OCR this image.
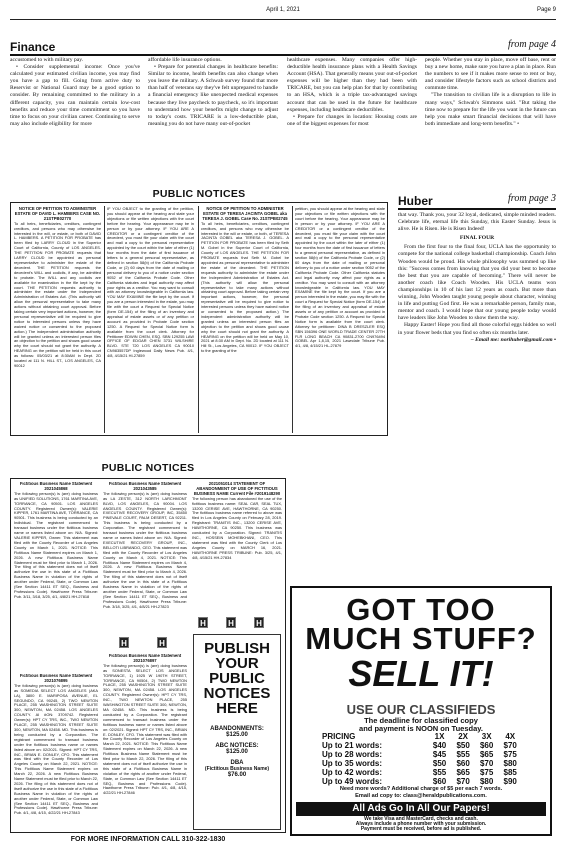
April 1, 2021	Page 9
Finance	from page 4

accustomed to with military pay.

• Consider supplemental income: Once you've calculated your estimated civilian income, you may find you have a gap to fill. Going from active duty to Reservist or National Guard may be a good option to consider. By remaining committed to the military in a different capacity, you can maintain certain low-cost benefits and reduce your time commitment so you have time to focus on your civilian career. Continuing to serve may also include eligibility for more

affordable life insurance options.

• Prepare for potential changes in healthcare benefits: Similar to income, health benefits can also change when you leave the military. A Schwab survey found that more than half of veterans say they've felt unprepared to handle a financial emergency like unexpected medical expenses because they live paycheck to paycheck, so it's important to understand how your benefits might change to adjust to today's costs. TRICARE is a low-deductible plan, meaning you do not have many out-of-pocket

healthcare expenses. Many companies offer high-deductible health insurance plans with a Health Savings Account (HSA). That generally means your out-of-pocket expenses will be higher than they had been with TRICARE, but you can help plan for that by contributing to an HSA, which is a triple tax-advantaged savings account that can be used in the future for healthcare expenses, including healthcare deductibles.

• Prepare for changes in location: Housing costs are one of the biggest expenses for most

people. Whether you stay in place, move off base, rent or buy a new home, make sure you have a plan in place. Run the numbers to see if it makes more sense to rent or buy, and consider lifestyle factors such as school districts and commute time.

"The transition to civilian life is a disruption to life in many ways," Schwab's Simmons said. "But taking the time now to prepare for the life you want in the future can help you make smart financial decisions that will have both immediate and long-term benefits." •

PUBLIC NOTICES
NOTICE OF PETITION TO ADMINISTER ESTATE OF DAVID L. HAMBERS CASE NO. 21STPB02770
To all heirs, beneficiaries, creditors, contingent creditors, and persons who may otherwise be interested in the will, or estate, or both of DAVID L. HAMBERS. A PETITION FOR PROBATE has been filed by LARRY CLOUD in the Superior Court of California, County of LOS ANGELES. THE PETITION FOR PROBATE requests that LARRY CLOUD be appointed as personal representative to administer the estate of the decedent. THE PETITION requests the decedent's WILL and codicils, if any, be admitted to probate. The WILL and any codicils are available for examination in the file kept by the court. THE PETITION requests authority to administer the estate under the Independent Administration of Estates Act. (This authority will allow the personal representative to take many actions without obtaining court approval. Before taking certain very important actions, however, the personal representative will be required to give notice to interested persons unless they have waived notice or consented to the proposed action.) The independent administration authority will be granted unless an interested person files an objection to the petition and shows good cause why the court should not grant the authority. A HEARING on the petition will be held in this court as follows: 05/03/21 at 8:30AM in Dept. 2D located at 111 N. HILL ST., LOS ANGELES, CA 90012
IF YOU OBJECT to the granting of the petition, you should appear at the hearing and state your objections or file written objections with the court before the hearing. Your appearance may be in person or by your attorney. IF YOU ARE A CREDITOR or a contingent creditor of the decedent, you must file your claim with the court and mail a copy to the personal representative appointed by the court within the later of either (1) four months from the date of first issuance of letters to a general personal representative, as defined in section 58(b) of the California Probate Code, or (2) 60 days from the date of mailing or personal delivery to you of a notice under section 9052 of the California Probate Code. Other California statutes and legal authority may affect your rights as a creditor. You may want to consult with an attorney knowledgeable in California law. YOU MAY EXAMINE the file kept by the court. If you are a person interested in the estate, you may file with the court a Request for Special Notice (form DE-154) of the filing of an inventory and appraisal of estate assets or of any petition or account as provided in Probate Code section 1250. A Request for Special Notice form is available from the court clerk. Attorney for Petitioner EDWIN CHEN, ESQ. SBN 129255 LAW OFFICE OF EDGAR CHEN 3731 WILSHIRE BLVD. STE 720 LOS ANGELES CA 90010 CN983557DP Inglewood Daily News Pub. 4/1, 4/8, 4/15/21 HI-27859
NOTICE OF PETITION TO ADMINISTER ESTATE OF TERESA JACINTA GOBEL aka TERESA J. GOBEL Case No. 21STPB02745
To all heirs, beneficiaries, creditors, contingent creditors, and persons who may otherwise be interested in the will or estate, or both, of TERESA JACINTA GOBEL aka TERESA J. GOBEL. A PETITION FOR PROBATE has been filed by Seth M. Gobel in the Superior Court of California, County of LOS ANGELES. THE PETITION FOR PROBATE requests that Seth M. Gobel be appointed as personal representative to administer the estate of the decedent. THE PETITION requests authority to administer the estate under the Independent Administration of Estates Act. (This authority will allow the personal representative to take many actions without obtaining court approval. Before taking certain very important actions, however, the personal representative will be required to give notice to interested persons unless they have waived notice or consented to the proposed action.) The independent administration authority will be granted unless an interested person files an objection to the petition and shows good cause why the court should not grant the authority. A HEARING on the petition will be held on May 10, 2021 at 8:30 AM in Dept. No. 2D located at 111 N. Hill St., Los Angeles, CA 90012. IF YOU OBJECT to the granting of the
petition, you should appear at the hearing and state your objections or file written objections with the court before the hearing. Your appearance may be in person or by your attorney. IF YOU ARE A CREDITOR or a contingent creditor of the decedent, you must file your claim with the court and mail a copy to the personal representative appointed by the court within the later of either (1) four months from the date of first issuance of letters to a general personal representative, as defined in section 58(b) of the California Probate Code, or (2) 60 days from the date of mailing or personal delivery to you of a notice under section 9052 of the California Probate Code. Other California statutes and legal authority may affect your rights as a creditor. You may want to consult with an attorney knowledgeable in California law. YOU MAY EXAMINE the file kept by the court. If you are a person interested in the estate, you may file with the court a Request for Special Notice (form DE-154) of the filing of an inventory and appraisal of estate assets or of any petition or account as provided in Probate Code section 1250. A Request for Special Notice form is available from the court clerk. Attorney for petitioner: DINA B DRESZLER ESQ SBN 156396 ONE WORLD TRADE CENTER 27TH FLR LONG BEACH CA 90831-2700 CN976494 GOBEL Apr 1,8,15, 2021 Lawndale Tribune Pub. 4/1, 4/8, 4/15/21 HL-27879
Huber	from page 3

that way. Thank you, your 32 loyal, dedicated, simple minded readers. Celebrate life, eternal life this Sunday, this Easter Sunday. Jesus is alive. He is Risen. He is Risen Indeed!

FINAL FOUR

From the first four to the final four, UCLA has the opportunity to compete for the national college basketball championship. Coach John Wooden would be proud. His whole philosophy was summed up like this: "Success comes from knowing that you did your best to become the best that you are capable of becoming." There will never be another coach like Coach Wooden. His UCLA teams won championships in 10 of his last 12 years as coach. But more than winning, John Wooden taught young people about character, winning in life and putting God first. He was a remarkable person, family man, mentor and coach. I would hope that our young people today would have leaders like John Wooden to show them the way.

Happy Easter! Hope you find all those colorful eggs hidden so well in your flower beds that you find so often six months later.

– Email me: norihuber@gmail.com •

PUBLIC NOTICES
Fictitious Business Name Statement 2021045868
The following person(s) is (are) doing business as UNIFIED SOLUTIONS, 1761 MARTINA AVE, TORRANCE, CA 90501. LOS ANGELES COUNTY. Registered Owner(s): VALERIE KIPPER, 1761 MARTINA AVE, TORRANCE, CA 90501. This business is being conducted by an Individual. The registrant commenced to transact business under the fictitious business name or names listed above on: N/A. Signed: VALERIE KIPPER, Owner. This statement was filed with the County Recorder of Los Angeles County on March 1, 2021. NOTICE: This Fictitious Name Statement expires on March 1, 2026. A new Fictitious Business Name Statement must be filed prior to March 1, 2026. The filing of this statement does not of itself authorize the use in this state of a Fictitious Business Name in violation of the rights of another under Federal, State, or Common Law (See Section 14411 ET SEQ., Business and Professions Code). Hawthorne Press Tribune: Pub. 3/11, 3/18, 3/25, 4/1, 4/8/21 HH-27818
Fictitious Business Name Statement 2021043585
The following person(s) is (are) doing business as LA ZESTE, 312 NORTH LARCHMONT BLVD, LOS ANGELES, CA 90004. LOS ANGELES COUNTY. Registered Owner(s): EXECUTIVE RECOVERY GROUP, INC, 35450 PINEVALE COURT, PALM DESERT, CA 92211. This business is being conducted by a Corporation. The registrant commenced to transact business under the fictitious business name or names listed above on: N/A. Signed: EXECUTIVE RECOVERY GROUP, INC., BELLOTI LIBRANDO, CEO. This statement was filed with the County Recorder of Los Angeles County on March 4, 2021. NOTICE: This Fictitious Name Statement expires on March 4, 2026. A new Fictitious Business Name Statement must be filed prior to March 4, 2026. The filing of this statement does not of itself authorize the use in this state of a Fictitious Business Name in violation of the rights of another under Federal, State, or Common Law (See Section 14411 ET SEQ., Business and Professions Code). Hawthorne Press Tribune: Pub. 3/18, 3/25, 4/1, 4/8/21 HH-27823
2021051014 STATEMENT OF ABANDONMENT OF USE OF FICTITIOUS BUSINESS NAME Current File #2019148290
The following person has abandoned the use of the fictitious business name: SEAL CAR, SEAL TUX, 13200 CERISE AVE, HAWTHORNE, CA 90250. The fictitious business name referred to above was filed in Los Angeles County on February 28, 2019. Registrant: TRANITIS INC., 13200 CERISE AVE, HAWTHORNE, CA 90250. This business was conducted by a Corporation. Signed: TRANITIS INC., HOSSEIN MOHEBKHANI, CEO. This statement was filed with the County Clerk of Los Angeles County on MARCH 16, 2021. HAWTHORNE PRESS TRIBUNE: Pub. 3/25, 4/1, 4/8, 4/15/21 HH-27834
H	H
H	H	H
Fictitious Business Name Statement 2021076895
The following person(s) is (are) doing business as SOMEDIA SELECT LOS ANGELES (AKA LA), 3800 E. MARIPOSA AVENUE, EL SEGUNDO, CA 90245, 2) TWO NEWTON PLACE, 255 WASHINGTON STREET SUITE 300, NEWTON, MA 02458. LOS ANGELES COUNTY. AI #ON: 3709742. Registered Owner(s): HPT CY TRS, INC., TWO NEWTON PLACE, 255 WASHINGTON STREET SUITE 300, NEWTON, MA 02458. MD. This business is being conducted by a Corporation. The registrant commenced to transact business under the fictitious business name or names listed above on: 02/2021. Signed: HPT CY TRS, INC., BRIAN E. DONLEY, CFO. This statement was filed with the County Recorder of Los Angeles County on March 22, 2021. NOTICE: This Fictitious Name Statement expires on March 22, 2026. A new Fictitious Business Name Statement must be filed prior to March 22, 2026. The filing of this statement does not of itself authorize the use in this state of a Fictitious Business Name in violation of the rights of another under Federal, State, or Common Law (See Section 14411 ET SEQ., Business and Professions Code). Hawthorne Press Tribune: Pub. 4/1, 4/8, 4/15, 4/22/21 HH-27843
Fictitious Business Name Statement 2021076897
The following person(s) is (are) doing business as SONESTA SELECT LOS ANGELES TORRANCE, 1) 1925 W 190TH STREET, TORRANCE, CA 90504, 2) TWO NEWTON PLACE, 255 WASHINGTON STREET SUITE 300, NEWTON, MA 02458. LOS ANGELES COUNTY. Registered Owner(s): HPT CY TRS, INC., TWO NEWTON PLACE, 255 WASHINGTON STREET SUITE 300, NEWTON, MA 02458. MD. This business is being conducted by a Corporation. The registrant commenced to transact business under the fictitious business name or names listed above on: 02/2021. Signed: HPT CY TRS, INC., BRIAN E. DONLEY, CFO. This statement was filed with the County Recorder of Los Angeles County on March 22, 2021. NOTICE: This Fictitious Name Statement expires on March 22, 2026. A new Fictitious Business Name Statement must be filed prior to March 22, 2026. The filing of this statement does not of itself authorize the use in this state of a Fictitious Business Name in violation of the rights of another under Federal, State, or Common Law (See Section 14411 ET SEQ., Business and Professions Code). Hawthorne Press Tribune: Pub. 4/1, 4/8, 4/15, 4/22/21 HH-27846
PUBLISH
YOUR
PUBLIC
NOTICES
HERE
ABANDONMENTS:
$125.00
ABC NOTICES:
$125.00
DBA
(Fictitious Business Name)
$76.00
FOR MORE INFORMATION CALL 310-322-1830
GOT TOO
MUCH STUFF?
SELL IT!
USE OUR CLASSIFIEDS
The deadline for classified copy
and payment is NOON on Tuesday.
PRICING	1X	2X	3X	4X
Up to 21 words:	$40	$50	$60	$70
Up to 28 words:	$45	$55	$65	$75
Up to 35 words:	$50	$60	$70	$80
Up to 42 words:	$55	$65	$75	$85
Up to 49 words:	$60	$70	$80	$90
Need more words? Additional charge of $5 per each 7 words.
Email ad copy to: class@heraldpublications.com.
All Ads Go In All Our Papers!
We take Visa and MasterCard, checks and cash.
Always include a phone number with your submission.
Payment must be received, before ad is published.
